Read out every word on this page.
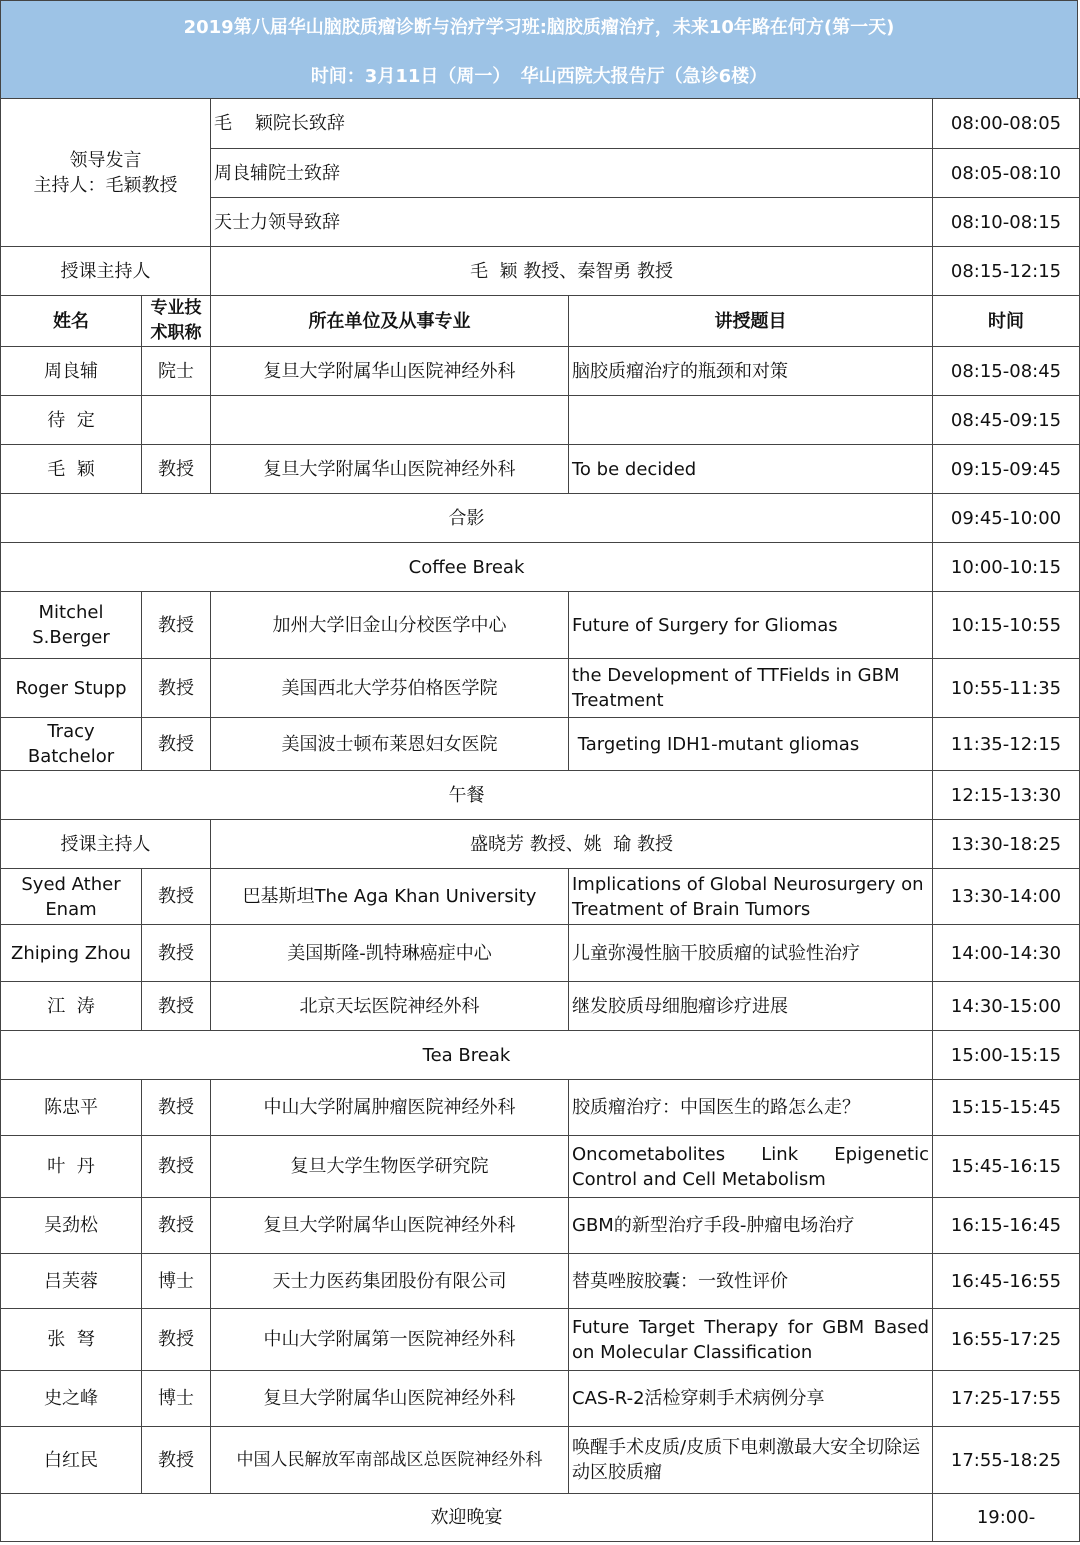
2019第八届华山脑胶质瘤诊断与治疗学习班:脑胶质瘤治疗，未来10年路在何方(第一天)
时间：3月11日（周一） 华山西院大报告厅（急诊6楼）
领导发言
主持人：毛颖教授		毛    颖院长致辞		08:00-08:05
		周良辅院士致辞		08:05-08:10
		天士力领导致辞		08:10-08:15
授课主持人		毛  颖 教授、秦智勇 教授		08:15-12:15
姓名	专业技术职称	所在单位及从事专业	讲授题目	时间
周良辅	院士	复旦大学附属华山医院神经外科	脑胶质瘤治疗的瓶颈和对策	08:15-08:45
待  定				08:45-09:15
毛  颖	教授	复旦大学附属华山医院神经外科	To be decided	09:15-09:45
合影				09:45-10:00
Coffee Break				10:00-10:15
Mitchel S.Berger	教授	加州大学旧金山分校医学中心	Future of Surgery for Gliomas	10:15-10:55
Roger Stupp	教授	美国西北大学芬伯格医学院	the Development of TTFields in GBM Treatment	10:55-11:35
Tracy Batchelor	教授	美国波士顿布莱恩妇女医院	Targeting IDH1-mutant gliomas	11:35-12:15
午餐				12:15-13:30
授课主持人		盛晓芳 教授、姚  瑜 教授		13:30-18:25
Syed Ather Enam	教授	巴基斯坦The Aga Khan University	Implications of Global Neurosurgery on Treatment of Brain Tumors	13:30-14:00
Zhiping Zhou	教授	美国斯隆-凯特琳癌症中心	儿童弥漫性脑干胶质瘤的试验性治疗	14:00-14:30
江  涛	教授	北京天坛医院神经外科	继发胶质母细胞瘤诊疗进展	14:30-15:00
Tea Break				15:00-15:15
陈忠平	教授	中山大学附属肿瘤医院神经外科	胶质瘤治疗：中国医生的路怎么走？	15:15-15:45
叶  丹	教授	复旦大学生物医学研究院	Oncometabolites Link Epigenetic Control and Cell Metabolism	15:45-16:15
吴劲松	教授	复旦大学附属华山医院神经外科	GBM的新型治疗手段-肿瘤电场治疗	16:15-16:45
吕芙蓉	博士	天士力医药集团股份有限公司	替莫唑胺胶囊：一致性评价	16:45-16:55
张  弩	教授	中山大学附属第一医院神经外科	Future Target Therapy for GBM Based on Molecular Classification	16:55-17:25
史之峰	博士	复旦大学附属华山医院神经外科	CAS-R-2活检穿刺手术病例分享	17:25-17:55
白红民	教授	中国人民解放军南部战区总医院神经外科	唤醒手术皮质/皮质下电刺激最大安全切除运动区胶质瘤	17:55-18:25
欢迎晚宴				19:00-
